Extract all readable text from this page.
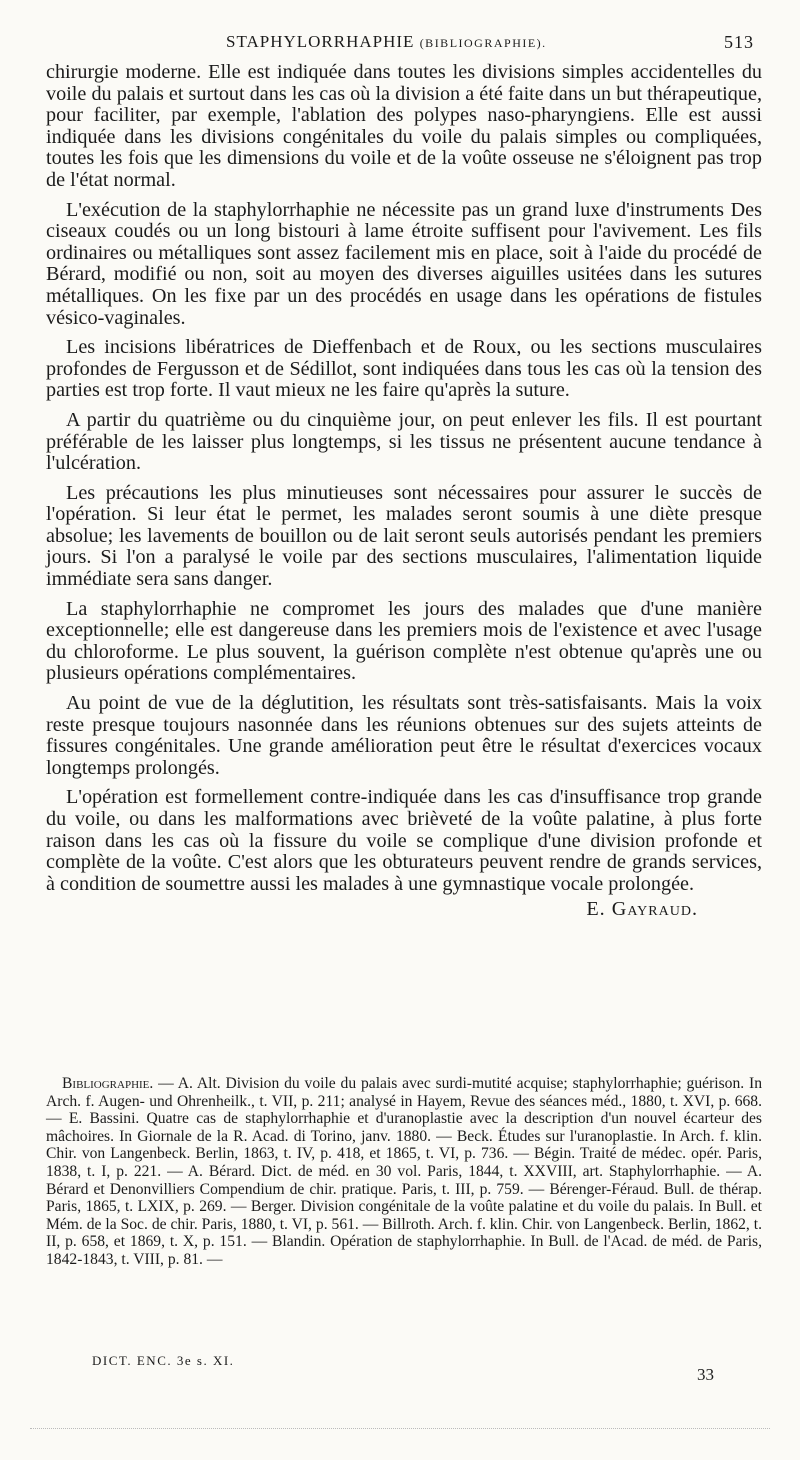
STAPHYLORRHAPHIE (BIBLIOGRAPHIE).	513

chirurgie moderne. Elle est indiquée dans toutes les divisions simples accidentelles du voile du palais et surtout dans les cas où la division a été faite dans un but thérapeutique, pour faciliter, par exemple, l'ablation des polypes naso-pharyngiens. Elle est aussi indiquée dans les divisions congénitales du voile du palais simples ou compliquées, toutes les fois que les dimensions du voile et de la voûte osseuse ne s'éloignent pas trop de l'état normal.

L'exécution de la staphylorrhaphie ne nécessite pas un grand luxe d'instruments Des ciseaux coudés ou un long bistouri à lame étroite suffisent pour l'avivement. Les fils ordinaires ou métalliques sont assez facilement mis en place, soit à l'aide du procédé de Bérard, modifié ou non, soit au moyen des diverses aiguilles usitées dans les sutures métalliques. On les fixe par un des procédés en usage dans les opérations de fistules vésico-vaginales.

Les incisions libératrices de Dieffenbach et de Roux, ou les sections musculaires profondes de Fergusson et de Sédillot, sont indiquées dans tous les cas où la tension des parties est trop forte. Il vaut mieux ne les faire qu'après la suture.

A partir du quatrième ou du cinquième jour, on peut enlever les fils. Il est pourtant préférable de les laisser plus longtemps, si les tissus ne présentent aucune tendance à l'ulcération.

Les précautions les plus minutieuses sont nécessaires pour assurer le succès de l'opération. Si leur état le permet, les malades seront soumis à une diète presque absolue; les lavements de bouillon ou de lait seront seuls autorisés pendant les premiers jours. Si l'on a paralysé le voile par des sections musculaires, l'alimentation liquide immédiate sera sans danger.

La staphylorrhaphie ne compromet les jours des malades que d'une manière exceptionnelle; elle est dangereuse dans les premiers mois de l'existence et avec l'usage du chloroforme. Le plus souvent, la guérison complète n'est obtenue qu'après une ou plusieurs opérations complémentaires.

Au point de vue de la déglutition, les résultats sont très-satisfaisants. Mais la voix reste presque toujours nasonnée dans les réunions obtenues sur des sujets atteints de fissures congénitales. Une grande amélioration peut être le résultat d'exercices vocaux longtemps prolongés.

L'opération est formellement contre-indiquée dans les cas d'insuffisance trop grande du voile, ou dans les malformations avec brièveté de la voûte palatine, à plus forte raison dans les cas où la fissure du voile se complique d'une division profonde et complète de la voûte. C'est alors que les obturateurs peuvent rendre de grands services, à condition de soumettre aussi les malades à une gymnastique vocale prolongée.

E. Gayraud.
Bibliographie. — A. Alt. Division du voile du palais avec surdi-mutité acquise; staphylorrhaphie; guérison. In Arch. f. Augen- und Ohrenheilk., t. VII, p. 211; analysé in Hayem, Revue des séances méd., 1880, t. XVI, p. 668. — E. Bassini. Quatre cas de staphylorrhaphie et d'uranoplastie avec la description d'un nouvel écarteur des mâchoires. In Giornale de la R. Acad. di Torino, janv. 1880. — Beck. Études sur l'uranoplastie. In Arch. f. klin. Chir. von Langenbeck. Berlin, 1863, t. IV, p. 418, et 1865, t. VI, p. 736. — Bégin. Traité de médec. opér. Paris, 1838, t. I, p. 221. — A. Bérard. Dict. de méd. en 30 vol. Paris, 1844, t. XXVIII, art. Staphylorrhaphie. — A. Bérard et Denonvilliers Compendium de chir. pratique. Paris, t. III, p. 759. — Bérenger-Féraud. Bull. de thérap. Paris, 1865, t. LXIX, p. 269. — Berger. Division congénitale de la voûte palatine et du voile du palais. In Bull. et Mém. de la Soc. de chir. Paris, 1880, t. VI, p. 561. — Billroth. Arch. f. klin. Chir. von Langenbeck. Berlin, 1862, t. II, p. 658, et 1869, t. X, p. 151. — Blandin. Opération de staphylorrhaphie. In Bull. de l'Acad. de méd. de Paris, 1842-1843, t. VIII, p. 81. —
DICT. ENC. 3e s. XI.
33
